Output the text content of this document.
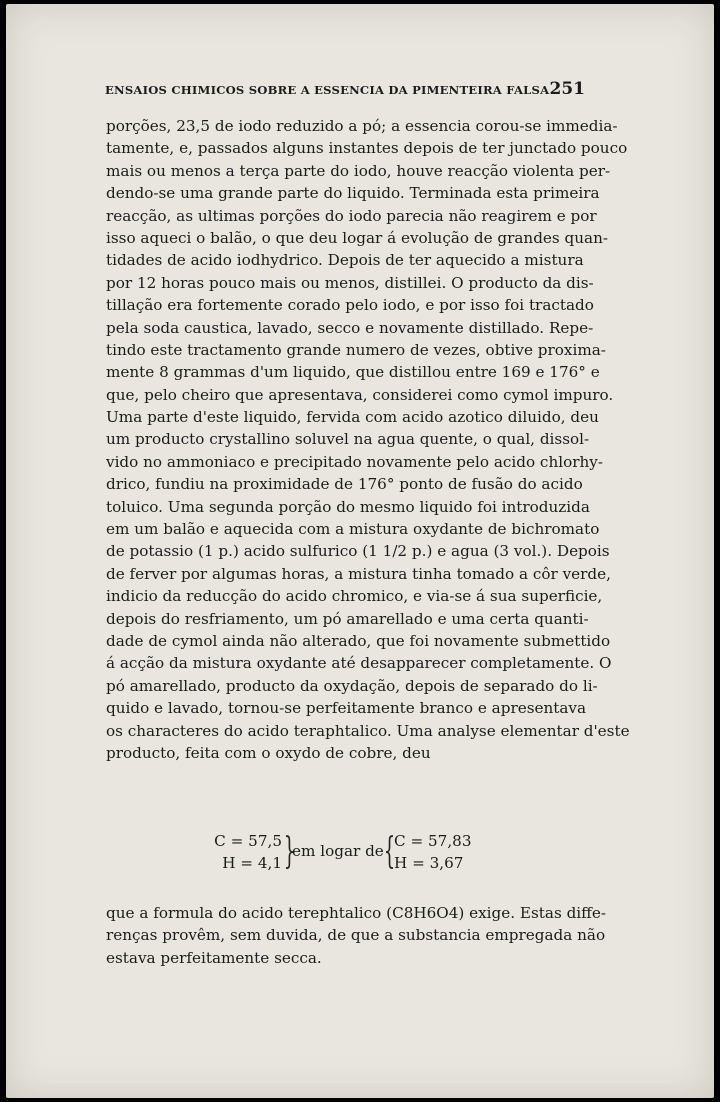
ENSAIOS CHIMICOS SOBRE A ESSENCIA DA PIMENTEIRA FALSA 251
porções, 23,5 de iodo reduzido a pó; a essencia corou-se immedia-
tamente, e, passados alguns instantes depois de ter junctado pouco
mais ou menos a terça parte do iodo, houve reacção violenta per-
dendo-se uma grande parte do liquido. Terminada esta primeira
reacção, as ultimas porções do iodo parecia não reagirem e por
isso aqueci o balão, o que deu logar á evolução de grandes quan-
tidades de acido iodhydrico. Depois de ter aquecido a mistura
por 12 horas pouco mais ou menos, distillei. O producto da dis-
tillação era fortemente corado pelo iodo, e por isso foi tractado
pela soda caustica, lavado, secco e novamente distillado. Repe-
tindo este tractamento grande numero de vezes, obtive proxima-
mente 8 grammas d'um liquido, que distillou entre 169 e 176° e
que, pelo cheiro que apresentava, considerei como cymol impuro.
Uma parte d'este liquido, fervida com acido azotico diluido, deu
um producto crystallino soluvel na agua quente, o qual, dissol-
vido no ammoniaco e precipitado novamente pelo acido chlorhy-
drico, fundiu na proximidade de 176° ponto de fusão do acido
toluico. Uma segunda porção do mesmo liquido foi introduzida
em um balão e aquecida com a mistura oxydante de bichromato
de potassio (1 p.) acido sulfurico (1 1/2 p.) e agua (3 vol.). Depois
de ferver por algumas horas, a mistura tinha tomado a côr verde,
indicio da reducção do acido chromico, e via-se á sua superficie,
depois do resfriamento, um pó amarellado e uma certa quanti-
dade de cymol ainda não alterado, que foi novamente submettido
á acção da mistura oxydante até desapparecer completamente. O
pó amarellado, producto da oxydação, depois de separado do li-
quido e lavado, tornou-se perfeitamente branco e apresentava
os characteres do acido teraphtalico. Uma analyse elementar d'este
producto, feita com o oxydo de cobre, deu
C = 57,5
H = 4,1 }
em logar de {
C = 57,83
H = 3,67
que a formula do acido terephtalico (C8H6O4) exige. Estas diffe-
renças provêm, sem duvida, de que a substancia empregada não
estava perfeitamente secca.
